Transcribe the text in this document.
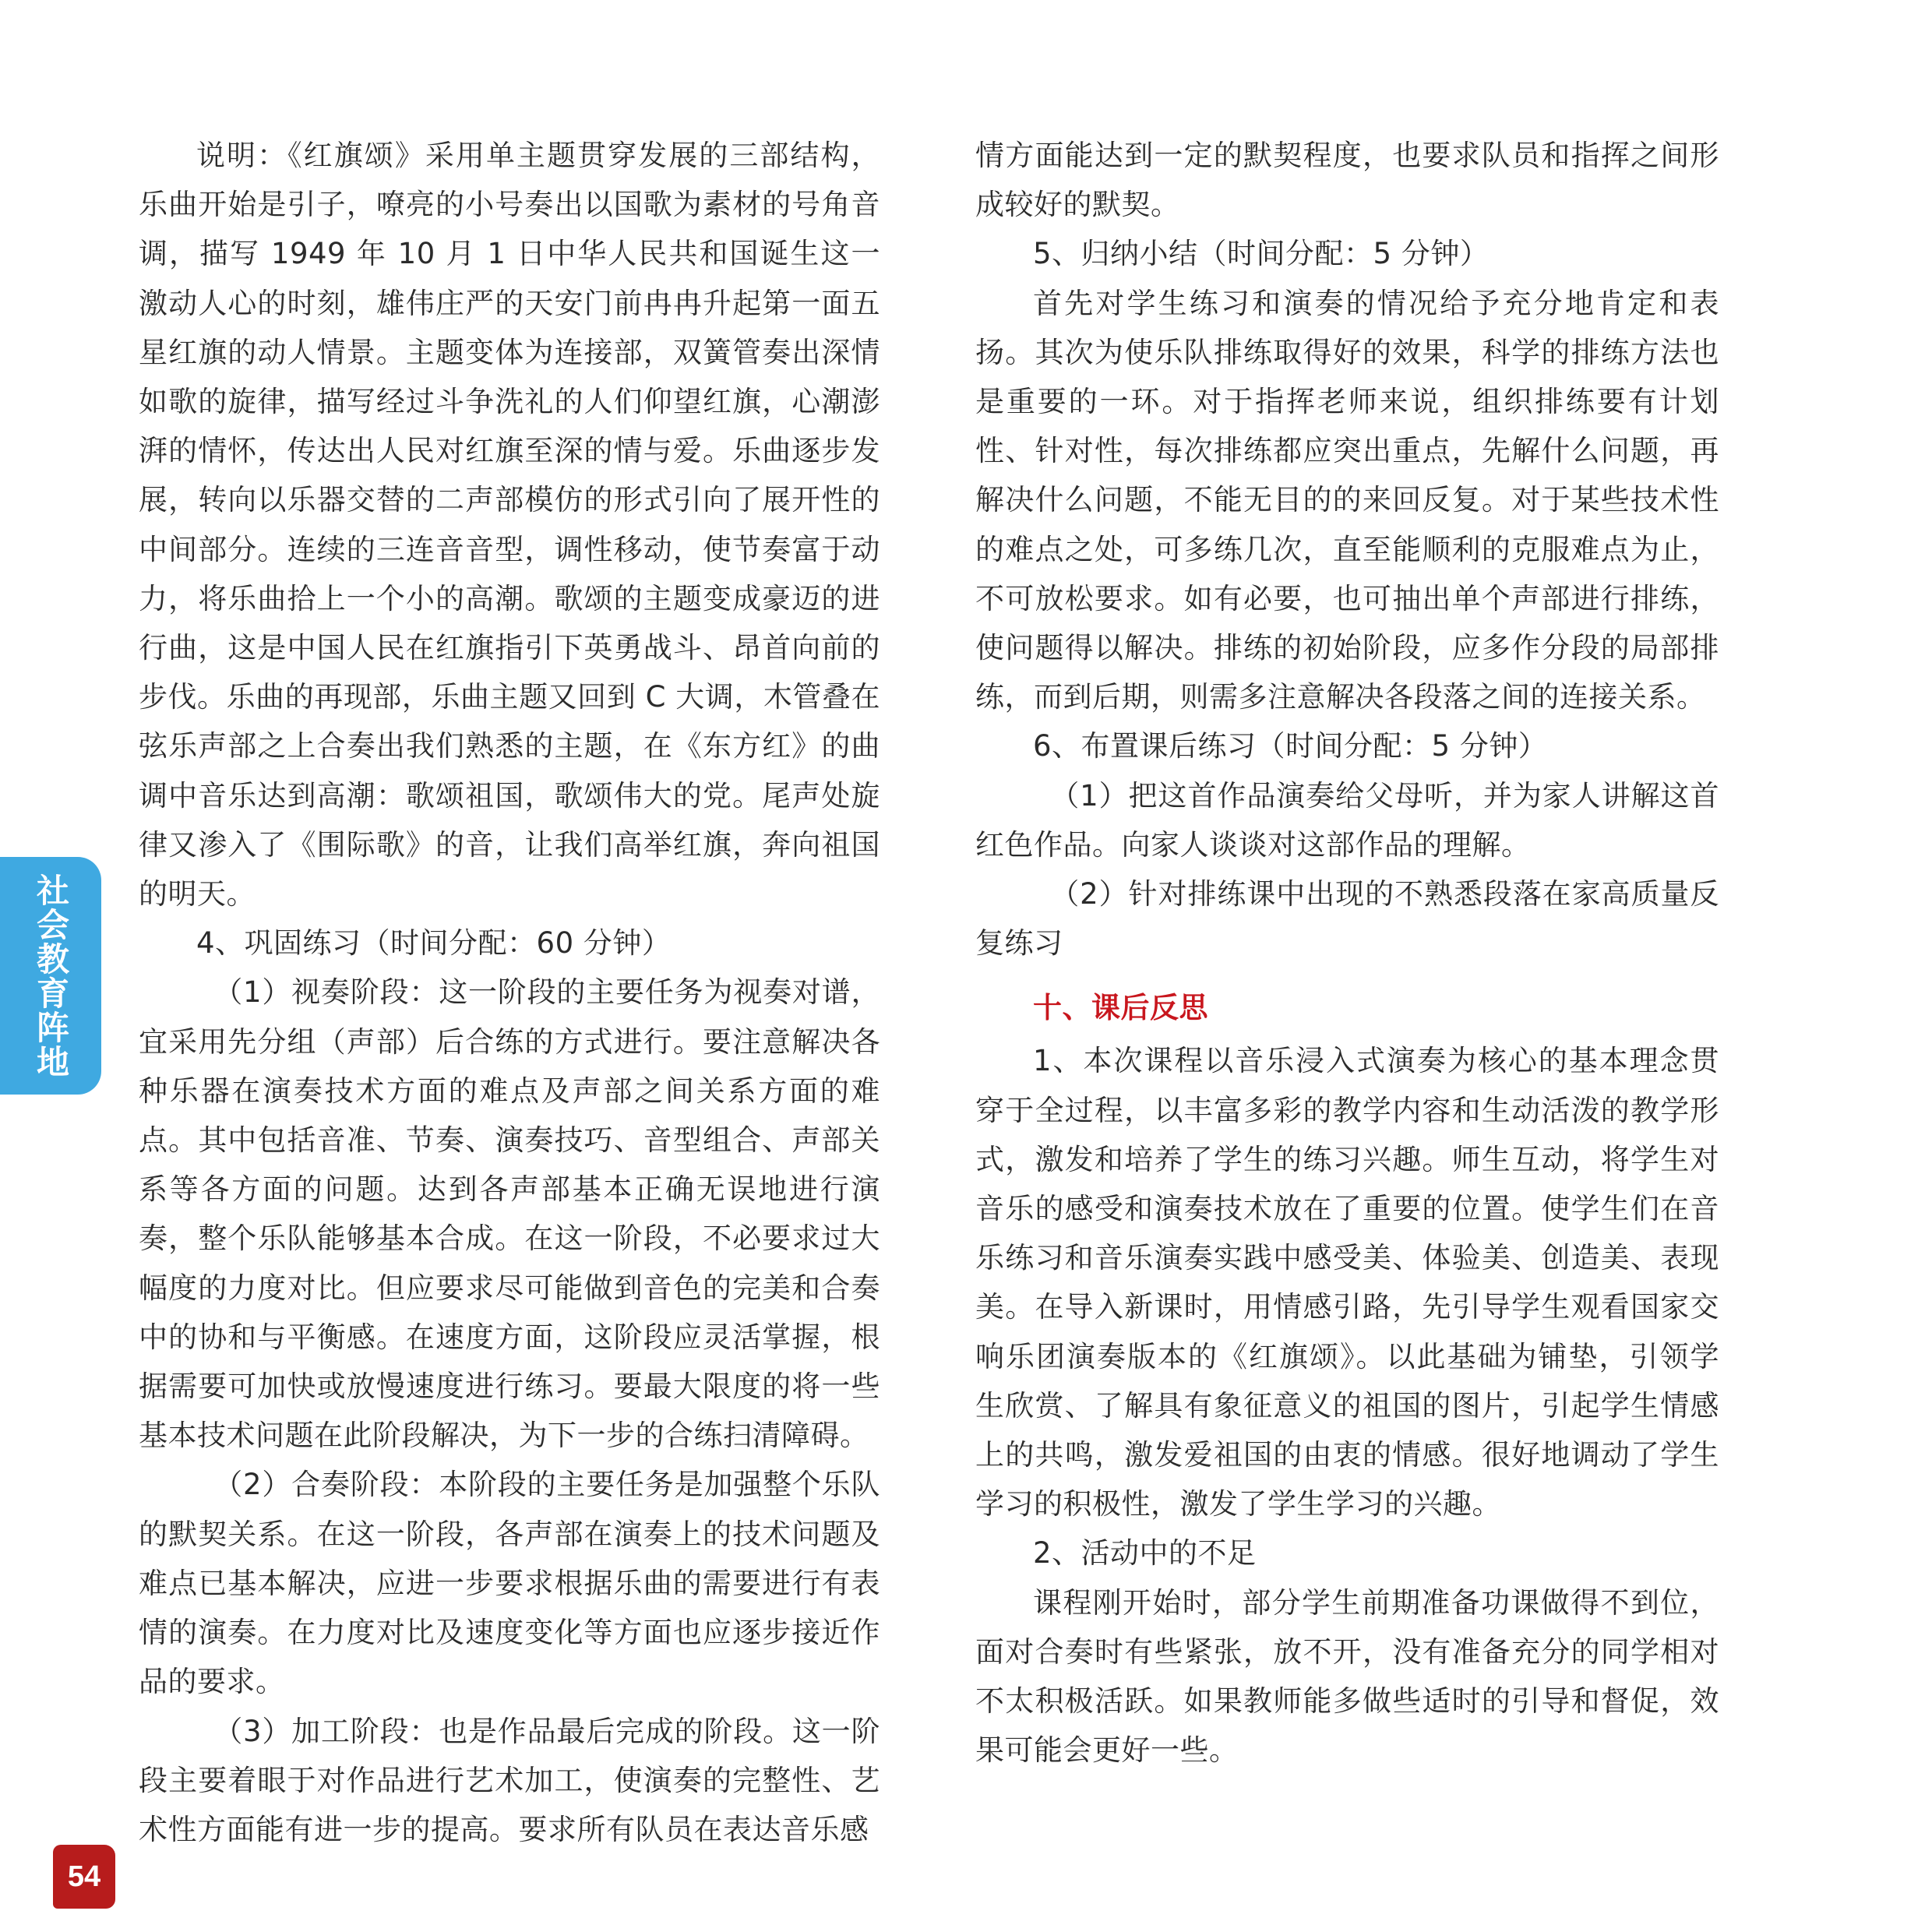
说明：《红旗颂》采用单主题贯穿发展的三部结构，乐曲开始是引子，嘹亮的小号奏出以国歌为素材的号角音调，描写 1949 年 10 月 1 日中华人民共和国诞生这一激动人心的时刻，雄伟庄严的天安门前冉冉升起第一面五星红旗的动人情景。主题变体为连接部，双簧管奏出深情如歌的旋律，描写经过斗争洗礼的人们仰望红旗，心潮澎湃的情怀，传达出人民对红旗至深的情与爱。乐曲逐步发展，转向以乐器交替的二声部模仿的形式引向了展开性的中间部分。连续的三连音音型，调性移动，使节奏富于动力，将乐曲拾上一个小的高潮。歌颂的主题变成豪迈的进行曲，这是中国人民在红旗指引下英勇战斗、昂首向前的步伐。乐曲的再现部，乐曲主题又回到 C 大调，木管叠在弦乐声部之上合奏出我们熟悉的主题，在《东方红》的曲调中音乐达到高潮：歌颂祖国，歌颂伟大的党。尾声处旋律又渗入了《围际歌》的音，让我们高举红旗，奔向祖国的明天。

4、巩固练习（时间分配：60 分钟）

（1）视奏阶段：这一阶段的主要任务为视奏对谱，宜采用先分组（声部）后合练的方式进行。要注意解决各种乐器在演奏技术方面的难点及声部之间关系方面的难点。其中包括音准、节奏、演奏技巧、音型组合、声部关系等各方面的问题。达到各声部基本正确无误地进行演奏，整个乐队能够基本合成。在这一阶段，不必要求过大幅度的力度对比。但应要求尽可能做到音色的完美和合奏中的协和与平衡感。在速度方面，这阶段应灵活掌握，根据需要可加快或放慢速度进行练习。要最大限度的将一些基本技术问题在此阶段解决，为下一步的合练扫清障碍。

（2）合奏阶段：本阶段的主要任务是加强整个乐队的默契关系。在这一阶段，各声部在演奏上的技术问题及难点已基本解决，应进一步要求根据乐曲的需要进行有表情的演奏。在力度对比及速度变化等方面也应逐步接近作品的要求。

（3）加工阶段：也是作品最后完成的阶段。这一阶段主要着眼于对作品进行艺术加工，使演奏的完整性、艺术性方面能有进一步的提高。要求所有队员在表达音乐感

情方面能达到一定的默契程度，也要求队员和指挥之间形成较好的默契。

5、归纳小结（时间分配：5 分钟）

首先对学生练习和演奏的情况给予充分地肯定和表扬。其次为使乐队排练取得好的效果，科学的排练方法也是重要的一环。对于指挥老师来说，组织排练要有计划性、针对性，每次排练都应突出重点，先解什么问题，再解决什么问题，不能无目的的来回反复。对于某些技术性的难点之处，可多练几次，直至能顺利的克服难点为止，不可放松要求。如有必要，也可抽出单个声部进行排练，使问题得以解决。排练的初始阶段，应多作分段的局部排练，而到后期，则需多注意解决各段落之间的连接关系。

6、布置课后练习（时间分配：5 分钟）

（1）把这首作品演奏给父母听，并为家人讲解这首红色作品。向家人谈谈对这部作品的理解。

（2）针对排练课中出现的不熟悉段落在家高质量反复练习

十、课后反思

1、本次课程以音乐浸入式演奏为核心的基本理念贯穿于全过程，以丰富多彩的教学内容和生动活泼的教学形式，激发和培养了学生的练习兴趣。师生互动，将学生对音乐的感受和演奏技术放在了重要的位置。使学生们在音乐练习和音乐演奏实践中感受美、体验美、创造美、表现美。在导入新课时，用情感引路，先引导学生观看国家交响乐团演奏版本的《红旗颂》。以此基础为铺垫，引领学生欣赏、了解具有象征意义的祖国的图片，引起学生情感上的共鸣，激发爱祖国的由衷的情感。很好地调动了学生学习的积极性，激发了学生学习的兴趣。

2、活动中的不足

课程刚开始时，部分学生前期准备功课做得不到位，面对合奏时有些紧张，放不开，没有准备充分的同学相对不太积极活跃。如果教师能多做些适时的引导和督促，效果可能会更好一些。

社会教育阵地
54
